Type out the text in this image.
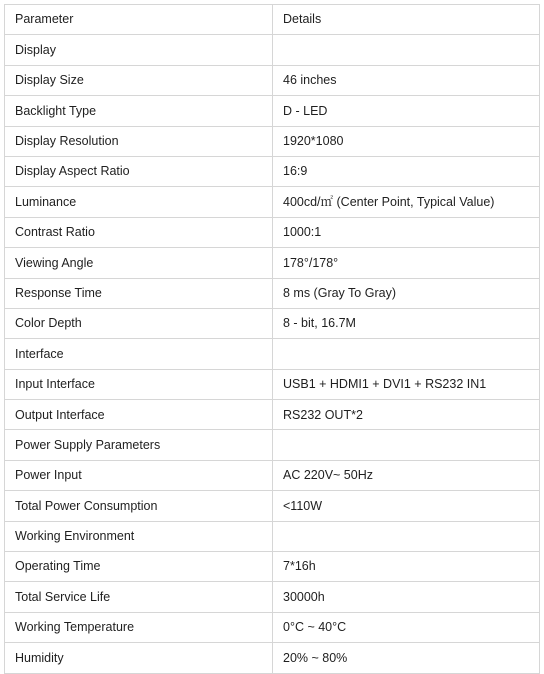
Parameter	Details
Display	
Display Size	46 inches
Backlight Type	D - LED
Display Resolution	1920*1080
Display Aspect Ratio	16:9
Luminance	400cd/㎡ (Center Point, Typical Value)
Contrast Ratio	1000:1
Viewing Angle	178°/178°
Response Time	8 ms (Gray To Gray)
Color Depth	8 - bit, 16.7M
Interface	
Input Interface	USB1 + HDMI1 + DVI1 + RS232 IN1
Output Interface	RS232 OUT*2
Power Supply Parameters	
Power Input	AC 220V~ 50Hz
Total Power Consumption	<110W
Working Environment	
Operating Time	7*16h
Total Service Life	30000h
Working Temperature	0°C ~ 40°C
Humidity	20% ~ 80%
